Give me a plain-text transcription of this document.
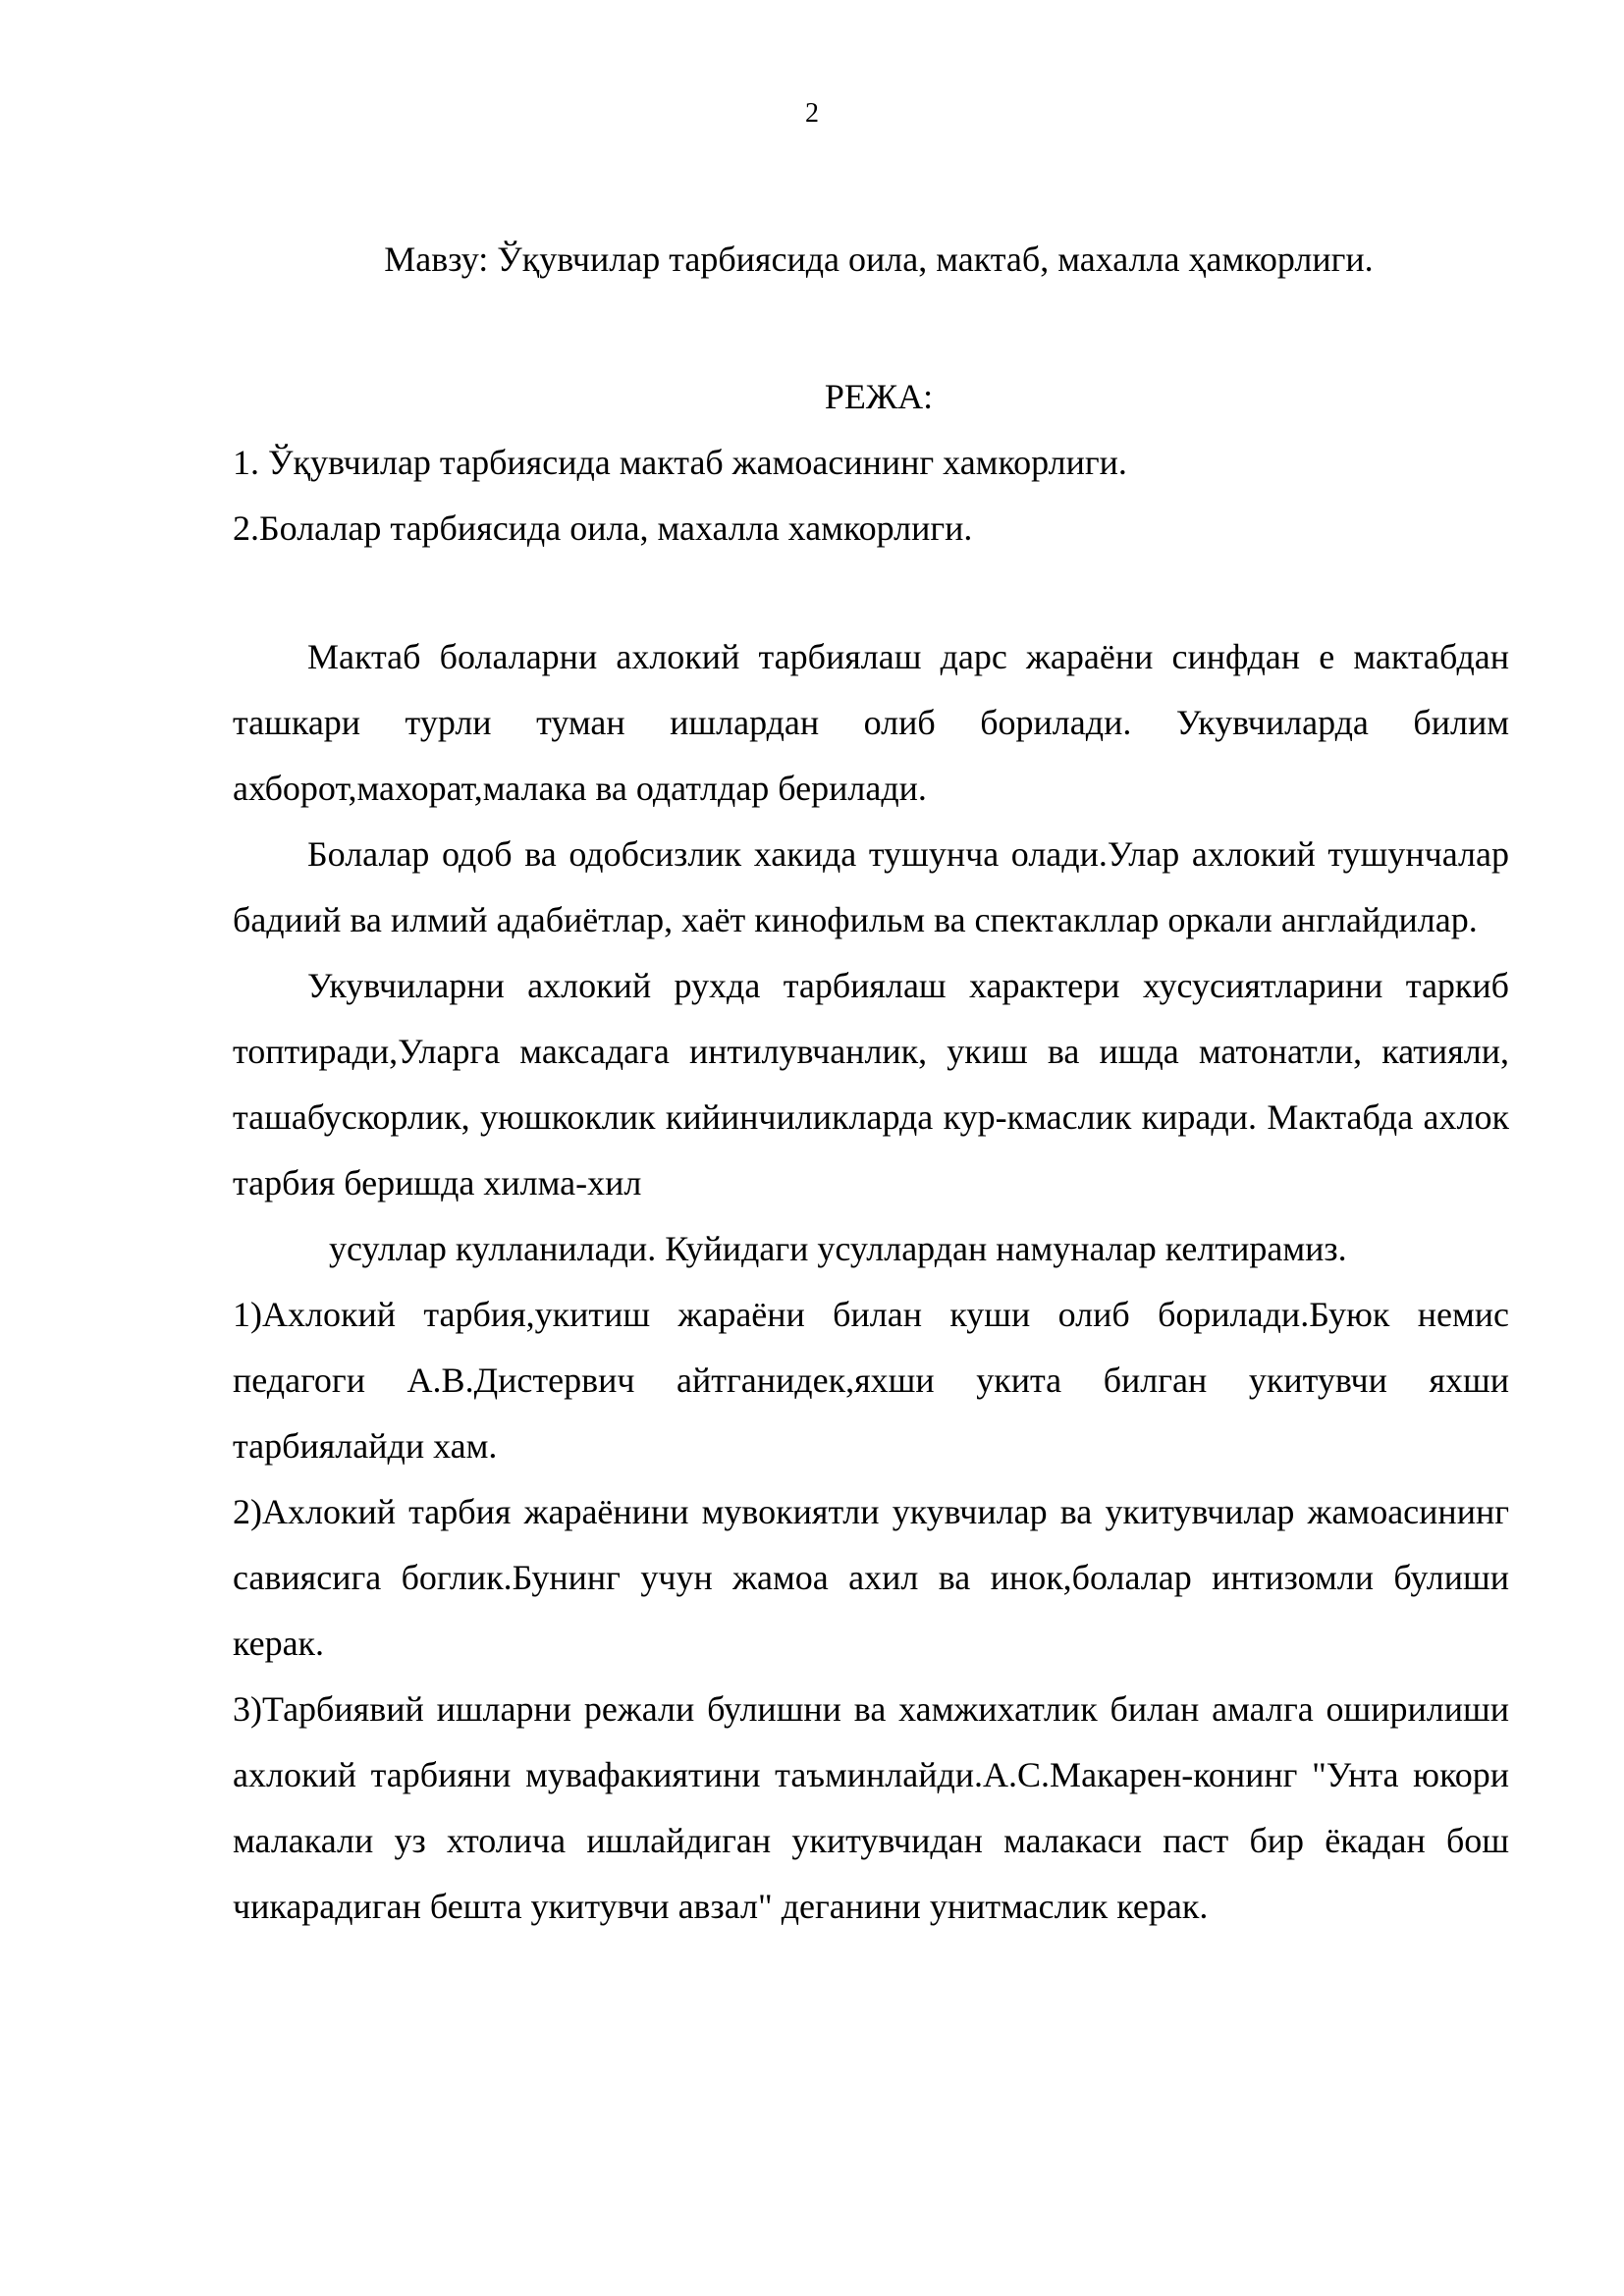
2
Мавзу: Ўқувчилар тарбиясида оила, мактаб, махалла ҳамкорлиги.
РЕЖА:
1. Ўқувчилар тарбиясида мактаб жамоасининг хамкорлиги.
2.Болалар тарбиясида оила, махалла хамкорлиги.

Мактаб болаларни ахлокий тарбиялаш дарс жараёни синфдан е мактабдан ташкари турли туман ишлардан олиб борилади. Укувчиларда билим ахборот,махорат,малака ва одатлдар берилади.

Болалар одоб ва одобсизлик хакида тушунча олади.Улар ахлокий тушунчалар бадиий ва илмий адабиётлар, хаёт кинофильм ва спектакллар оркали англайдилар.

Укувчиларни ахлокий рухда тарбиялаш характери хусусиятларини таркиб топтиради,Уларга максадага интилувчанлик, укиш ва ишда матонатли, катияли, ташабускорлик, уюшкоклик кийинчиликларда кур-кмаслик киради. Мактабда ахлок тарбия беришда хилма-хил

усуллар кулланилади. Куйидаги усуллардан намуналар келтирамиз.

1)Ахлокий тарбия,укитиш жараёни билан куши олиб борилади.Буюк немис педагоги А.В.Дистервич айтганидек,яхши укита билган укитувчи яхши тарбиялайди хам.

2)Ахлокий тарбия жараёнини мувокиятли укувчилар ва укитувчилар жамоасининг савиясига боглик.Бунинг учун жамоа ахил ва инок,болалар интизомли булиши керак.

3)Тарбиявий ишларни режали булишни ва хамжихатлик билан амалга оширилиши ахлокий тарбияни мувафакиятини таъминлайди.А.С.Макарен-конинг "Унта юкори малакали уз хтолича ишлайдиган укитувчидан малакаси паст бир ёкадан бош чикарадиган бешта укитувчи авзал" деганини унитмаслик керак.
